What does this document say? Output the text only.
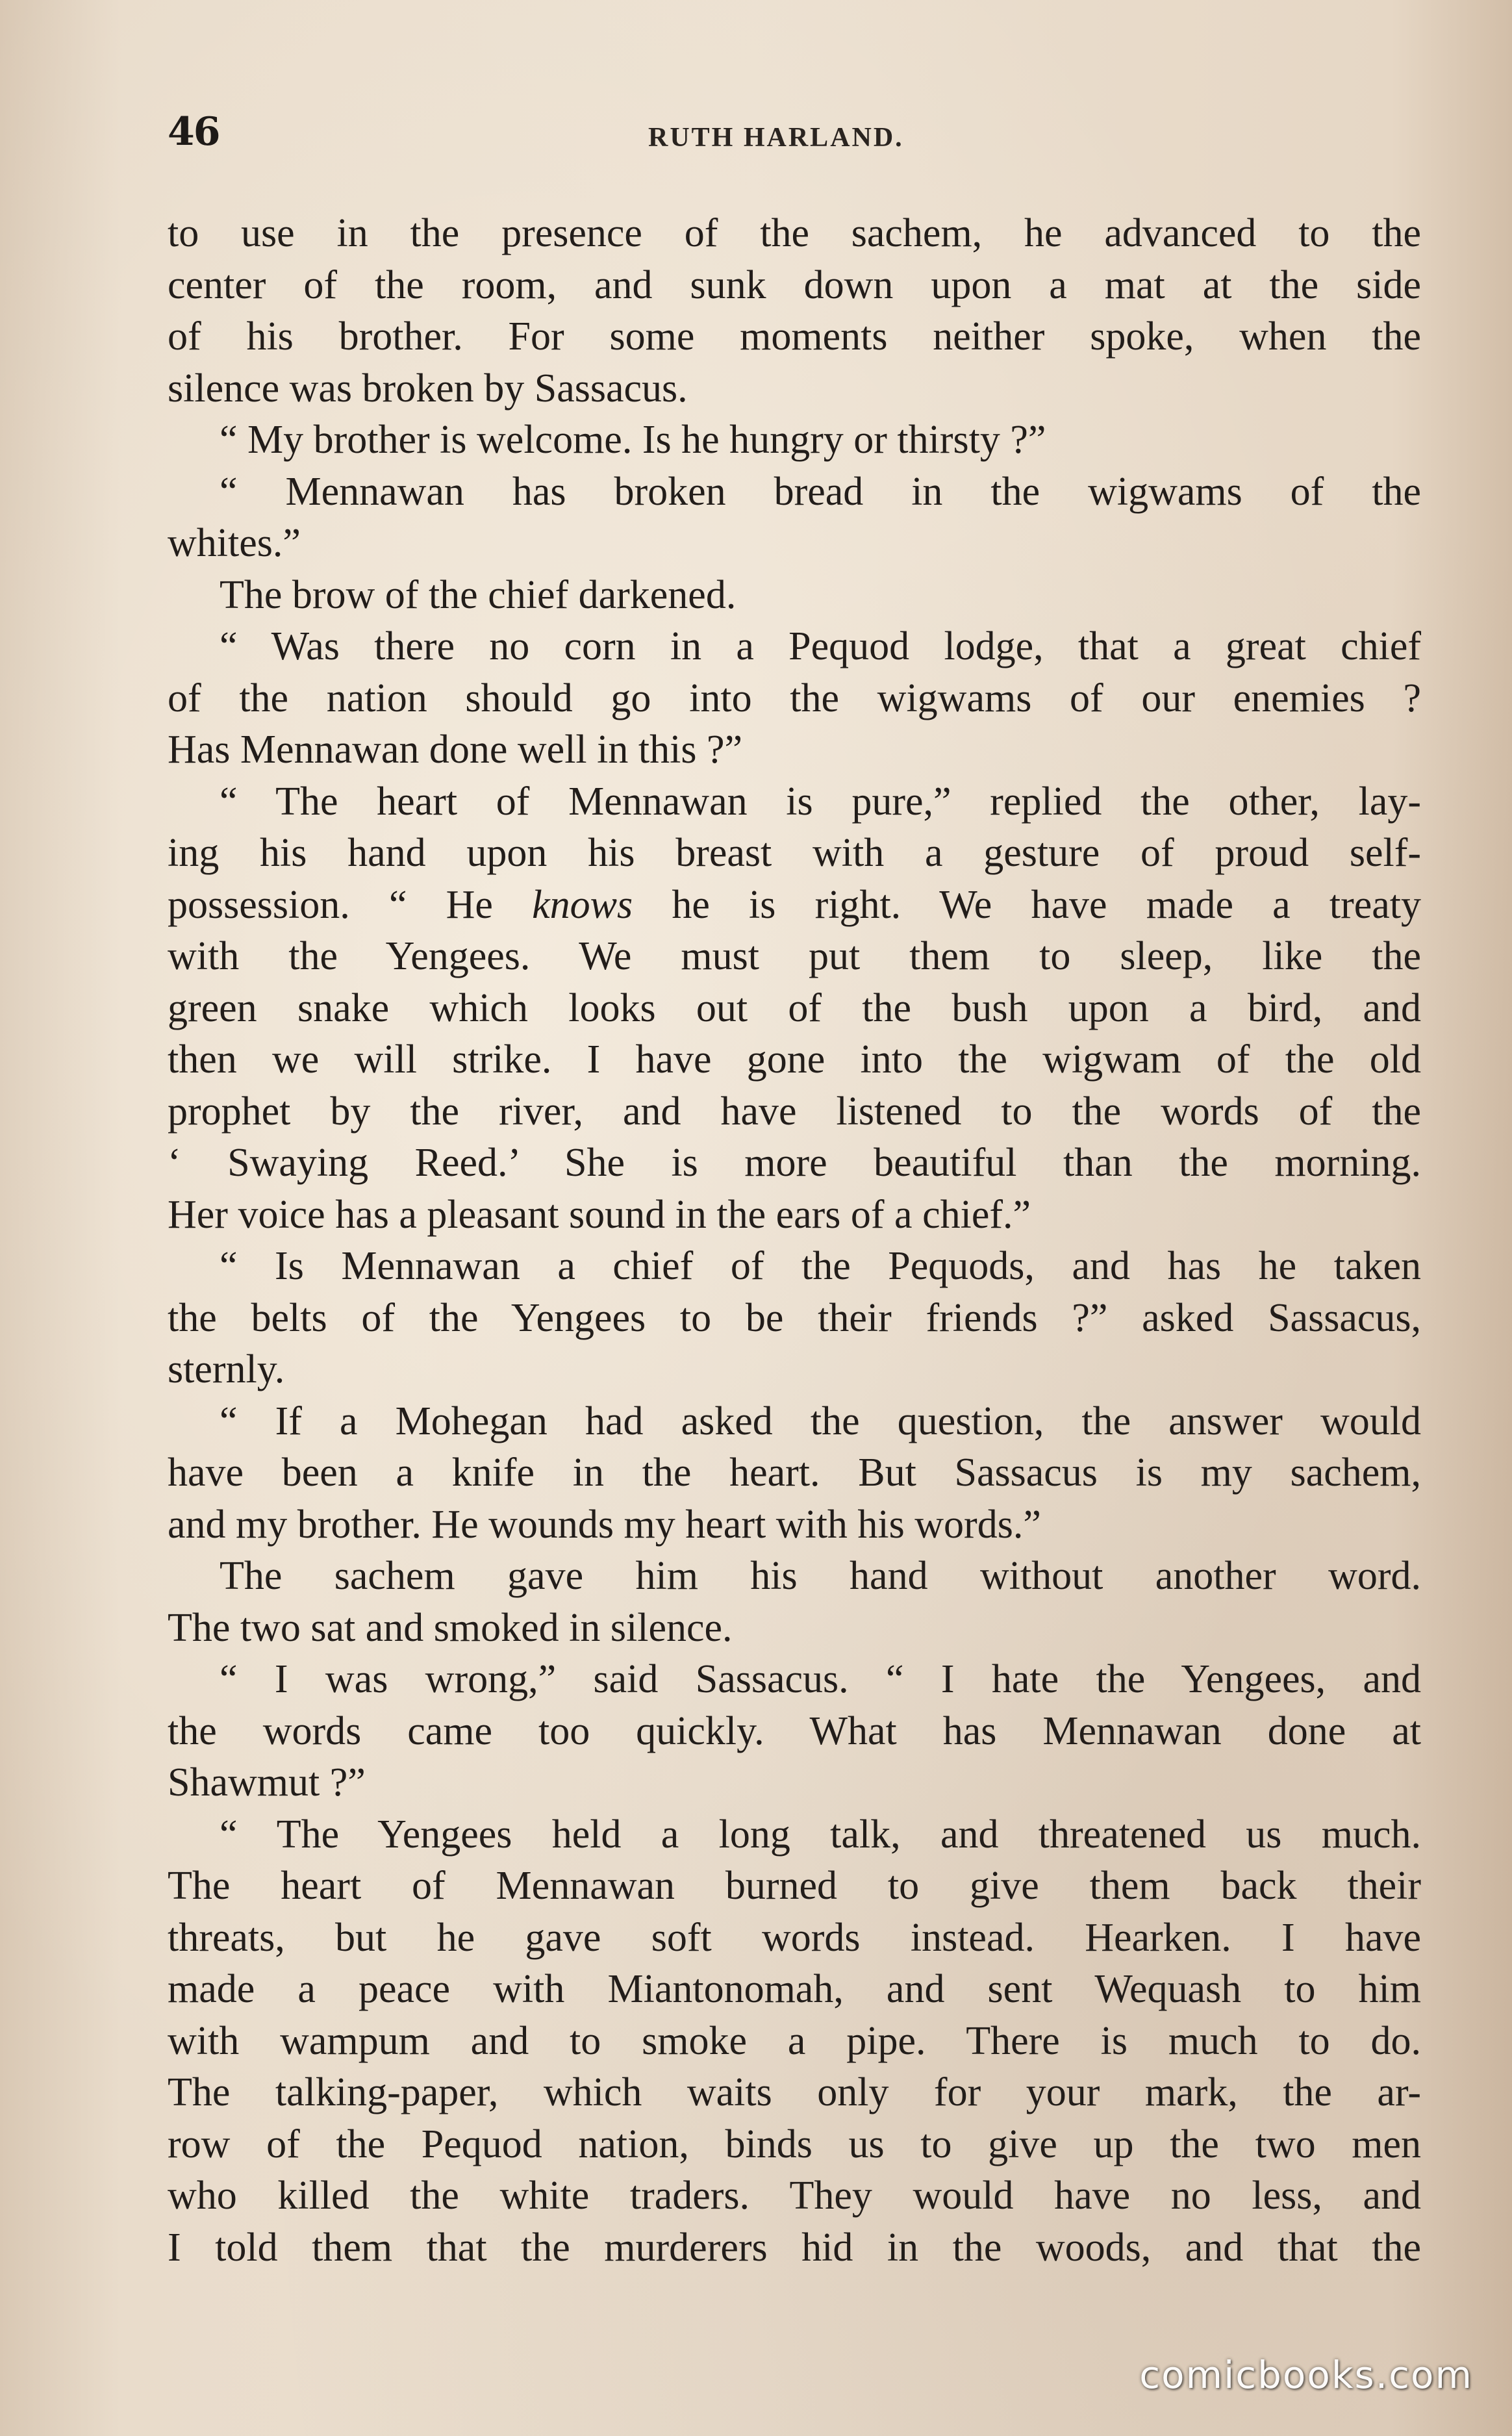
46	RUTH HARLAND.
to use in the presence of the sachem, he advanced to the
center of the room, and sunk down upon a mat at the side
of his brother. For some moments neither spoke, when the
silence was broken by Sassacus.
“ My brother is welcome. Is he hungry or thirsty ?”
“ Mennawan has broken bread in the wigwams of the
whites.”
The brow of the chief darkened.
“ Was there no corn in a Pequod lodge, that a great chief
of the nation should go into the wigwams of our enemies ?
Has Mennawan done well in this ?”
“ The heart of Mennawan is pure,” replied the other, lay-
ing his hand upon his breast with a gesture of proud self-
possession. “ He knows he is right. We have made a treaty
with the Yengees. We must put them to sleep, like the
green snake which looks out of the bush upon a bird, and
then we will strike. I have gone into the wigwam of the old
prophet by the river, and have listened to the words of the
‘ Swaying Reed.’ She is more beautiful than the morning.
Her voice has a pleasant sound in the ears of a chief.”
“ Is Mennawan a chief of the Pequods, and has he taken
the belts of the Yengees to be their friends ?” asked Sassacus,
sternly.
“ If a Mohegan had asked the question, the answer would
have been a knife in the heart. But Sassacus is my sachem,
and my brother. He wounds my heart with his words.”
The sachem gave him his hand without another word.
The two sat and smoked in silence.
“ I was wrong,” said Sassacus. “ I hate the Yengees, and
the words came too quickly. What has Mennawan done at
Shawmut ?”
“ The Yengees held a long talk, and threatened us much.
The heart of Mennawan burned to give them back their
threats, but he gave soft words instead. Hearken. I have
made a peace with Miantonomah, and sent Wequash to him
with wampum and to smoke a pipe. There is much to do.
The talking-paper, which waits only for your mark, the ar-
row of the Pequod nation, binds us to give up the two men
who killed the white traders. They would have no less, and
I told them that the murderers hid in the woods, and that the
comicbooks.com
